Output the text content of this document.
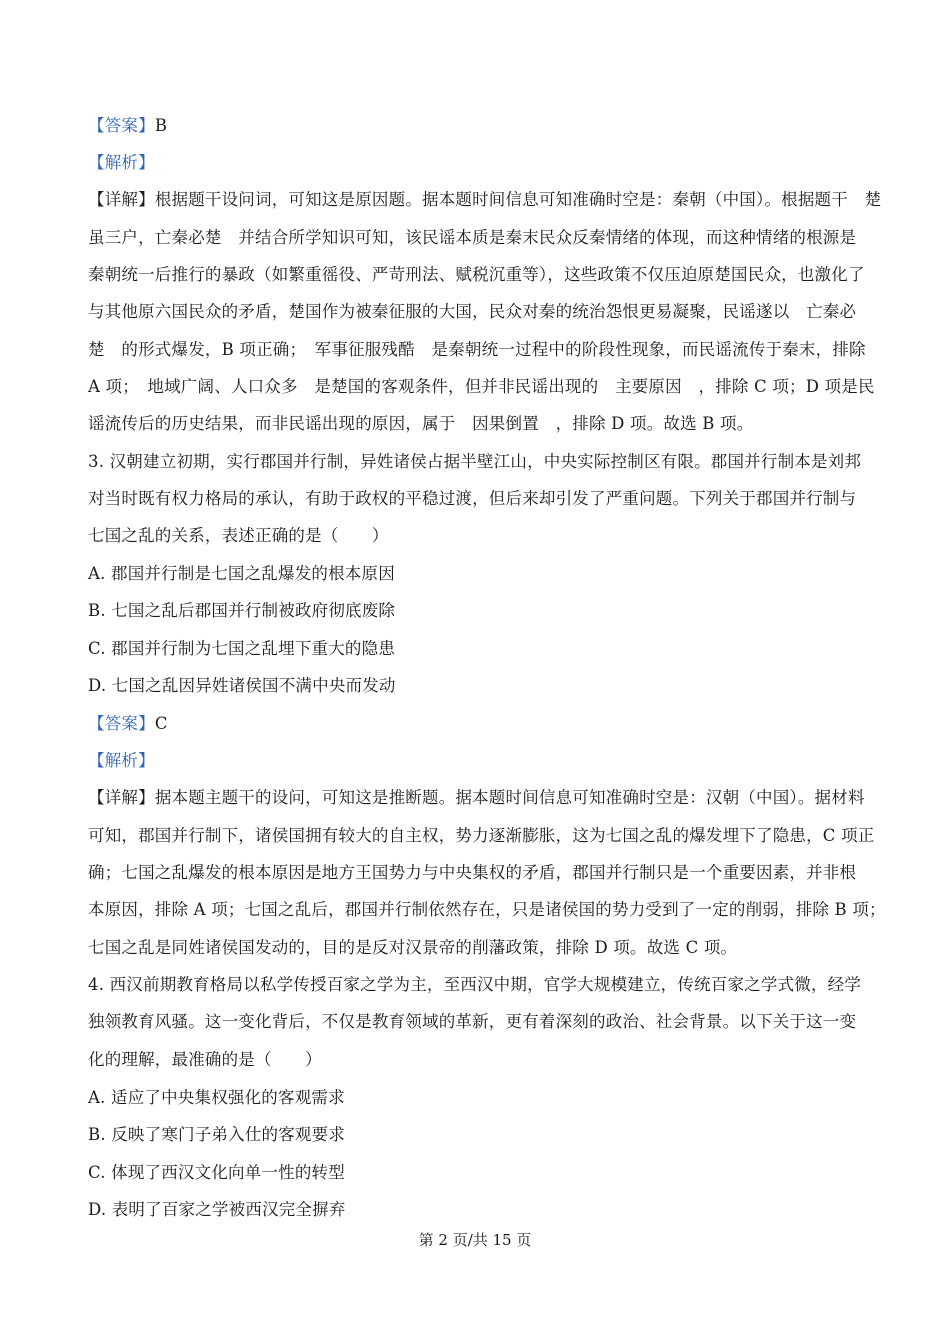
【答案】B
【解析】
【详解】根据题干设问词，可知这是原因题。据本题时间信息可知准确时空是：秦朝（中国）。根据题干　楚
虽三户，亡秦必楚　并结合所学知识可知，该民谣本质是秦末民众反秦情绪的体现，而这种情绪的根源是
秦朝统一后推行的暴政（如繁重徭役、严苛刑法、赋税沉重等），这些政策不仅压迫原楚国民众，也激化了
与其他原六国民众的矛盾，楚国作为被秦征服的大国，民众对秦的统治怨恨更易凝聚，民谣遂以　亡秦必
楚　的形式爆发，B 项正确；　军事征服残酷　是秦朝统一过程中的阶段性现象，而民谣流传于秦末，排除
A 项；　地域广阔、人口众多　是楚国的客观条件，但并非民谣出现的　主要原因　，排除 C 项；D 项是民
谣流传后的历史结果，而非民谣出现的原因，属于　因果倒置　，排除 D 项。故选 B 项。
3. 汉朝建立初期，实行郡国并行制，异姓诸侯占据半壁江山，中央实际控制区有限。郡国并行制本是刘邦
对当时既有权力格局的承认，有助于政权的平稳过渡，但后来却引发了严重问题。下列关于郡国并行制与
七国之乱的关系，表述正确的是（　　）
A. 郡国并行制是七国之乱爆发的根本原因
B. 七国之乱后郡国并行制被政府彻底废除
C. 郡国并行制为七国之乱埋下重大的隐患
D. 七国之乱因异姓诸侯国不满中央而发动
【答案】C
【解析】
【详解】据本题主题干的设问，可知这是推断题。据本题时间信息可知准确时空是：汉朝（中国）。据材料
可知，郡国并行制下，诸侯国拥有较大的自主权，势力逐渐膨胀，这为七国之乱的爆发埋下了隐患，C 项正
确；七国之乱爆发的根本原因是地方王国势力与中央集权的矛盾，郡国并行制只是一个重要因素，并非根
本原因，排除 A 项；七国之乱后，郡国并行制依然存在，只是诸侯国的势力受到了一定的削弱，排除 B 项；
七国之乱是同姓诸侯国发动的，目的是反对汉景帝的削藩政策，排除 D 项。故选 C 项。
4. 西汉前期教育格局以私学传授百家之学为主，至西汉中期，官学大规模建立，传统百家之学式微，经学
独领教育风骚。这一变化背后，不仅是教育领域的革新，更有着深刻的政治、社会背景。以下关于这一变
化的理解，最准确的是（　　）
A. 适应了中央集权强化的客观需求
B. 反映了寒门子弟入仕的客观要求
C. 体现了西汉文化向单一性的转型
D. 表明了百家之学被西汉完全摒弃
第 2 页/共 15 页
